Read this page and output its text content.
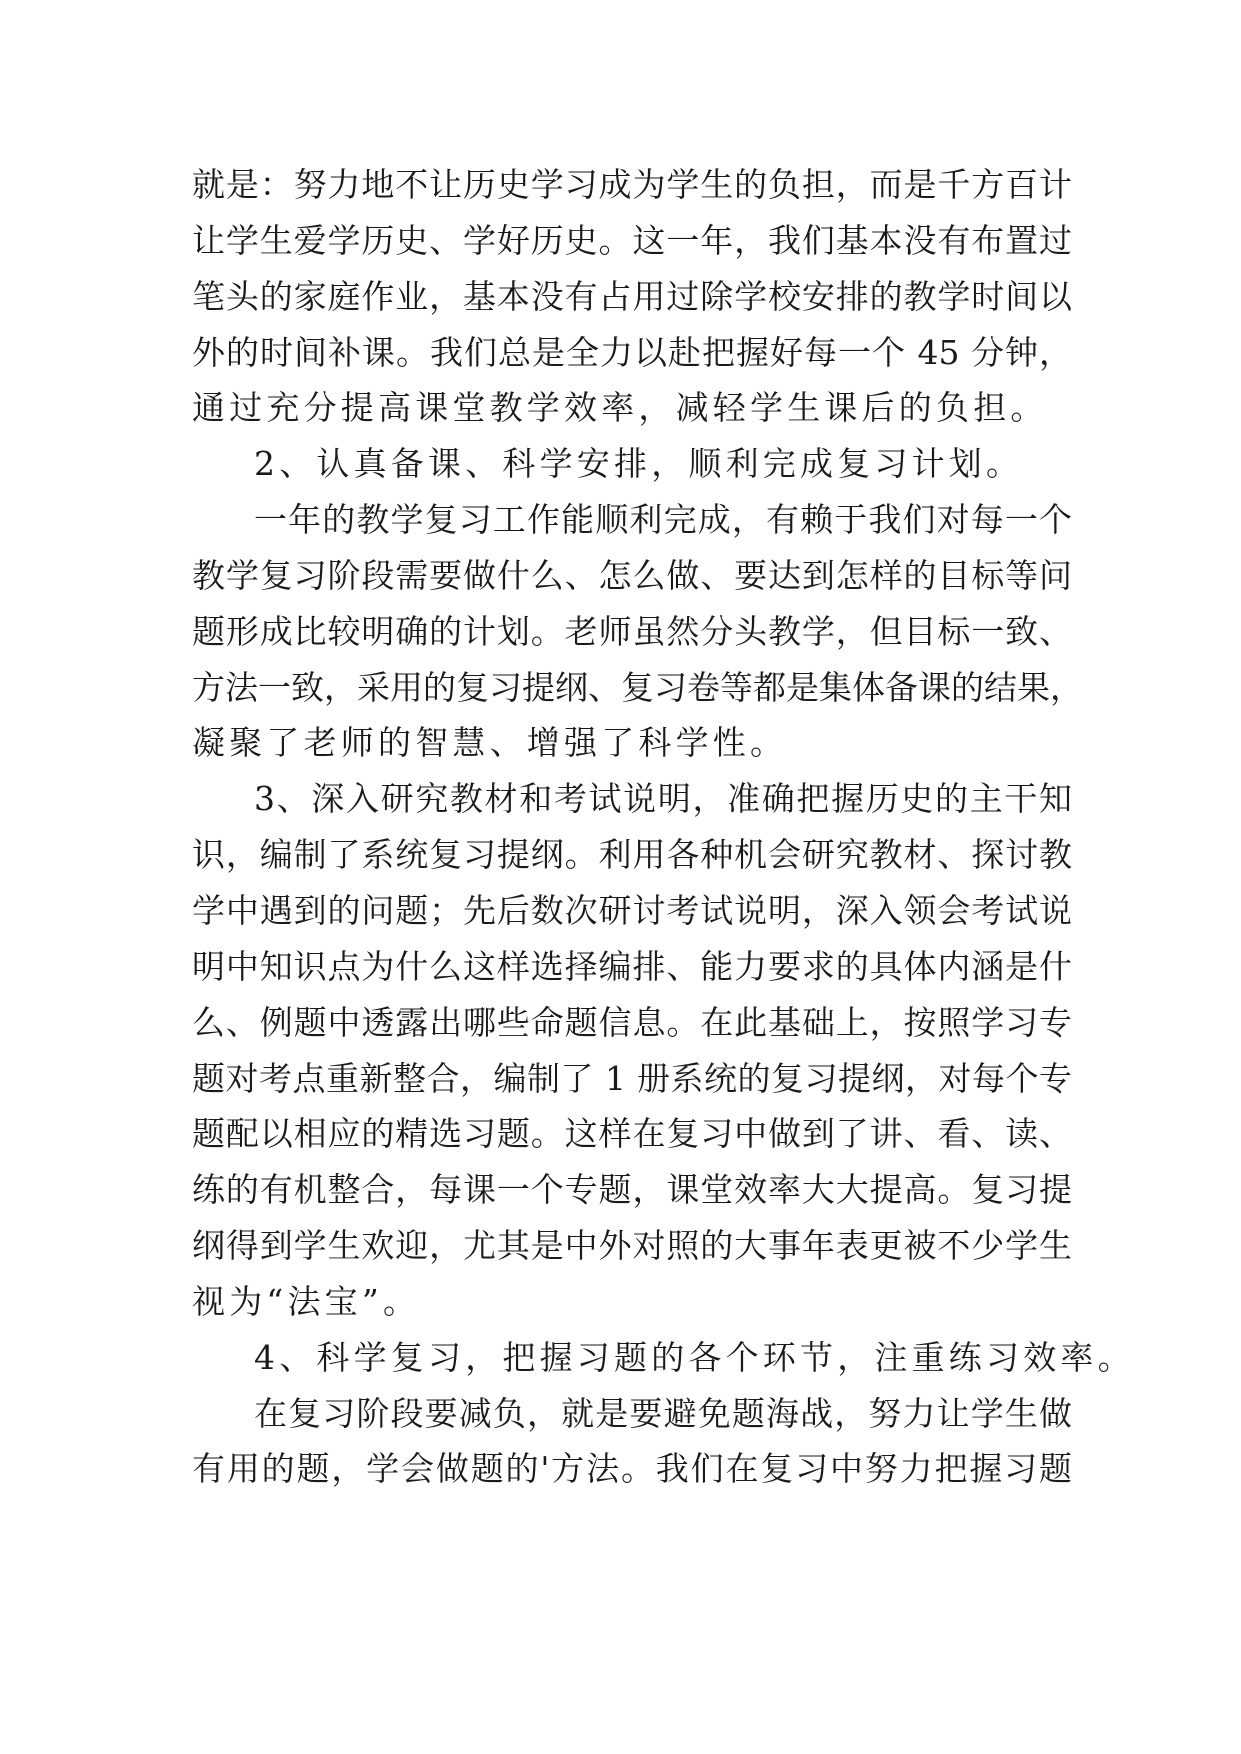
就是：努力地不让历史学习成为学生的负担，而是千方百计
让学生爱学历史、学好历史。这一年，我们基本没有布置过
笔头的家庭作业，基本没有占用过除学校安排的教学时间以
外的时间补课。我们总是全力以赴把握好每一个 45 分钟，
通过充分提高课堂教学效率，减轻学生课后的负担。
2、认真备课、科学安排，顺利完成复习计划。
一年的教学复习工作能顺利完成，有赖于我们对每一个
教学复习阶段需要做什么、怎么做、要达到怎样的目标等问
题形成比较明确的计划。老师虽然分头教学，但目标一致、
方法一致，采用的复习提纲、复习卷等都是集体备课的结果，
凝聚了老师的智慧、增强了科学性。
3、深入研究教材和考试说明，准确把握历史的主干知
识，编制了系统复习提纲。利用各种机会研究教材、探讨教
学中遇到的问题；先后数次研讨考试说明，深入领会考试说
明中知识点为什么这样选择编排、能力要求的具体内涵是什
么、例题中透露出哪些命题信息。在此基础上，按照学习专
题对考点重新整合，编制了 1 册系统的复习提纲，对每个专
题配以相应的精选习题。这样在复习中做到了讲、看、读、
练的有机整合，每课一个专题，课堂效率大大提高。复习提
纲得到学生欢迎，尤其是中外对照的大事年表更被不少学生
视为“法宝”。
4、科学复习，把握习题的各个环节，注重练习效率。
在复习阶段要减负，就是要避免题海战，努力让学生做
有用的题，学会做题的'方法。我们在复习中努力把握习题
